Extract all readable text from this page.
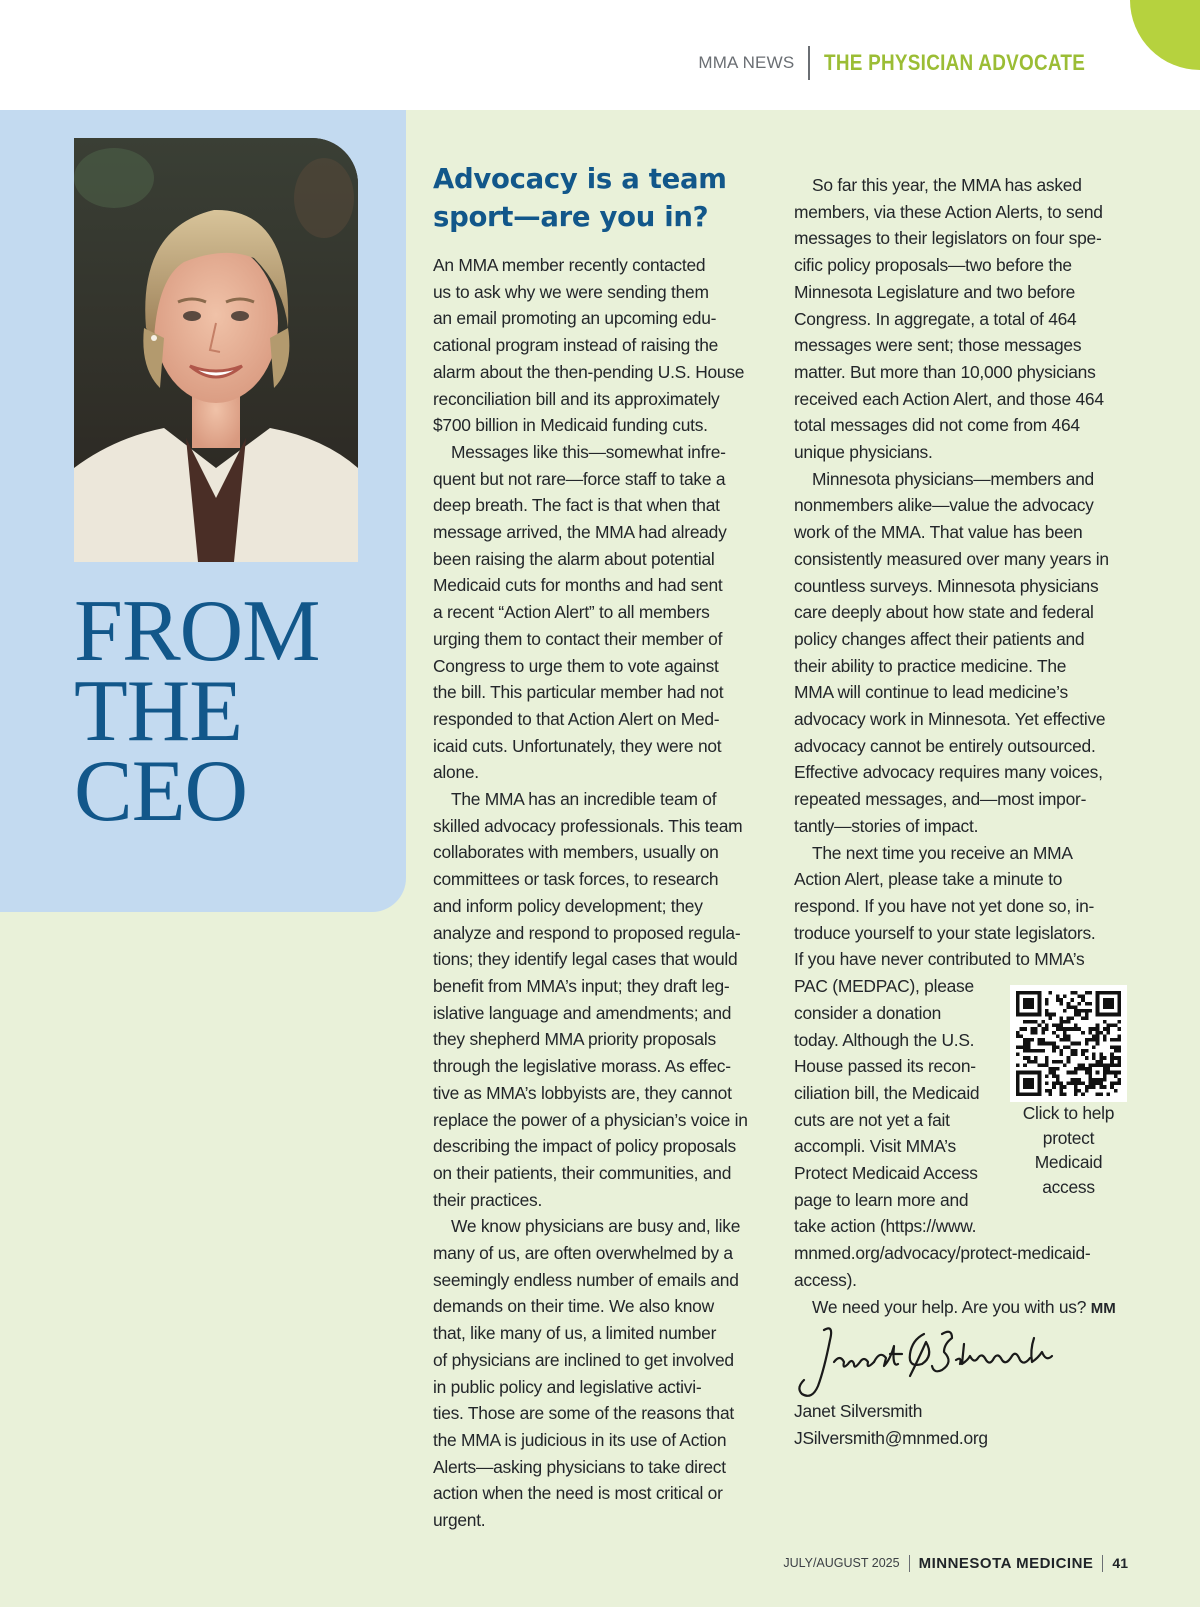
MMA NEWS THE PHYSICIAN ADVOCATE
FROM
THE
CEO
Advocacy is a team
sport—are you in?

An MMA member recently contacted
us to ask why we were sending them
an email promoting an upcoming edu-
cational program instead of raising the
alarm about the then-pending U.S. House
reconciliation bill and its approximately
$700 billion in Medicaid funding cuts.

Messages like this—somewhat infre-
quent but not rare—force staff to take a
deep breath. The fact is that when that
message arrived, the MMA had already
been raising the alarm about potential
Medicaid cuts for months and had sent
a recent “Action Alert” to all members
urging them to contact their member of
Congress to urge them to vote against
the bill. This particular member had not
responded to that Action Alert on Med-
icaid cuts. Unfortunately, they were not
alone.

The MMA has an incredible team of
skilled advocacy professionals. This team
collaborates with members, usually on
committees or task forces, to research
and inform policy development; they
analyze and respond to proposed regula-
tions; they identify legal cases that would
benefit from MMA’s input; they draft leg-
islative language and amendments; and
they shepherd MMA priority proposals
through the legislative morass. As effec-
tive as MMA’s lobbyists are, they cannot
replace the power of a physician’s voice in
describing the impact of policy proposals
on their patients, their communities, and
their practices.

We know physicians are busy and, like
many of us, are often overwhelmed by a
seemingly endless number of emails and
demands on their time. We also know
that, like many of us, a limited number
of physicians are inclined to get involved
in public policy and legislative activi-
ties. Those are some of the reasons that
the MMA is judicious in its use of Action
Alerts—asking physicians to take direct
action when the need is most critical or
urgent.

So far this year, the MMA has asked
members, via these Action Alerts, to send
messages to their legislators on four spe-
cific policy proposals—two before the
Minnesota Legislature and two before
Congress. In aggregate, a total of 464
messages were sent; those messages
matter. But more than 10,000 physicians
received each Action Alert, and those 464
total messages did not come from 464
unique physicians.

Minnesota physicians—members and
nonmembers alike—value the advocacy
work of the MMA. That value has been
consistently measured over many years in
countless surveys. Minnesota physicians
care deeply about how state and federal
policy changes affect their patients and
their ability to practice medicine. The
MMA will continue to lead medicine’s
advocacy work in Minnesota. Yet effective
advocacy cannot be entirely outsourced.
Effective advocacy requires many voices,
repeated messages, and—most impor-
tantly—stories of impact.

The next time you receive an MMA
Action Alert, please take a minute to
respond. If you have not yet done so, in-
troduce yourself to your state legislators.
If you have never contributed to MMA’s
PAC (MEDPAC), please
consider a donation
today. Although the U.S.
House passed its recon-
ciliation bill, the Medicaid
cuts are not yet a fait
accompli. Visit MMA’s
Protect Medicaid Access
page to learn more and
take action (https://www.
mnmed.org/advocacy/protect-medicaid-
access).

We need your help. Are you with us? MM

Click to help
protect
Medicaid
access
Janet Silversmith
JSilversmith@mnmed.org
JULY/AUGUST 2025 MINNESOTA MEDICINE 41
